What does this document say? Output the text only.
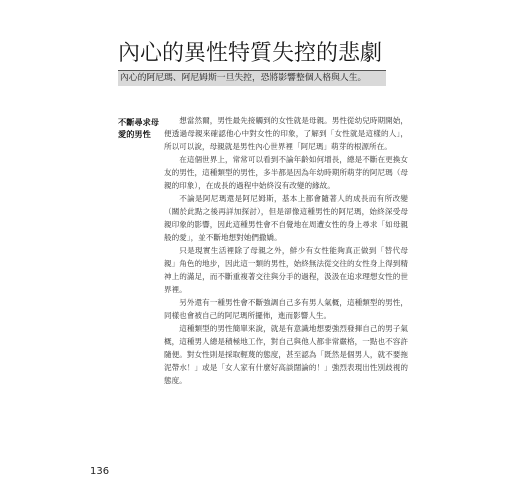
內心的異性特質失控的悲劇
內心的阿尼瑪、阿尼姆斯一旦失控，恐將影響整個人格與人生。
不斷尋求母愛的男性

想當然爾，男性最先接觸到的女性就是母親。男性從幼兒時期開始，便透過母親來確認他心中對女性的印象，了解到「女性就是這樣的人」，所以可以說，母親就是男性內心世界裡「阿尼瑪」萌芽的根源所在。

在這個世界上，常常可以看到不論年齡如何增長，總是不斷在更換女友的男性，這種類型的男性，多半都是因為年幼時期所萌芽的阿尼瑪（母親的印象），在成長的過程中始終沒有改變的緣故。

不論是阿尼瑪還是阿尼姆斯，基本上都會隨著人的成長而有所改變（關於此點之後再詳加探討），但是卻像這種男性的阿尼瑪，始終深受母親印象的影響，因此這種男性會不自覺地在周遭女性的身上尋求「如母親般的愛」，並不斷地想對她們撒嬌。

只是現實生活裡除了母親之外，鮮少有女性能夠真正做到「替代母親」角色的地步，因此這一類的男性，始終無法從交往的女性身上得到精神上的滿足，而不斷重複著交往與分手的過程，汲汲在追求理想女性的世界裡。

另外還有一種男性會不斷強調自己多有男人氣概，這種類型的男性，同樣也會被自己的阿尼瑪所擺佈，進而影響人生。

這種類型的男性簡單來說，就是有意識地想要強烈發揮自己的男子氣概，這種男人總是積極地工作，對自己與他人都非常嚴格，一點也不容許隨便。對女性則是採取輕蔑的態度，甚至認為「既然是個男人，就不要拖泥帶水！」或是「女人家有什麼好高談闊論的！」強烈表現出性別歧視的態度。

136
